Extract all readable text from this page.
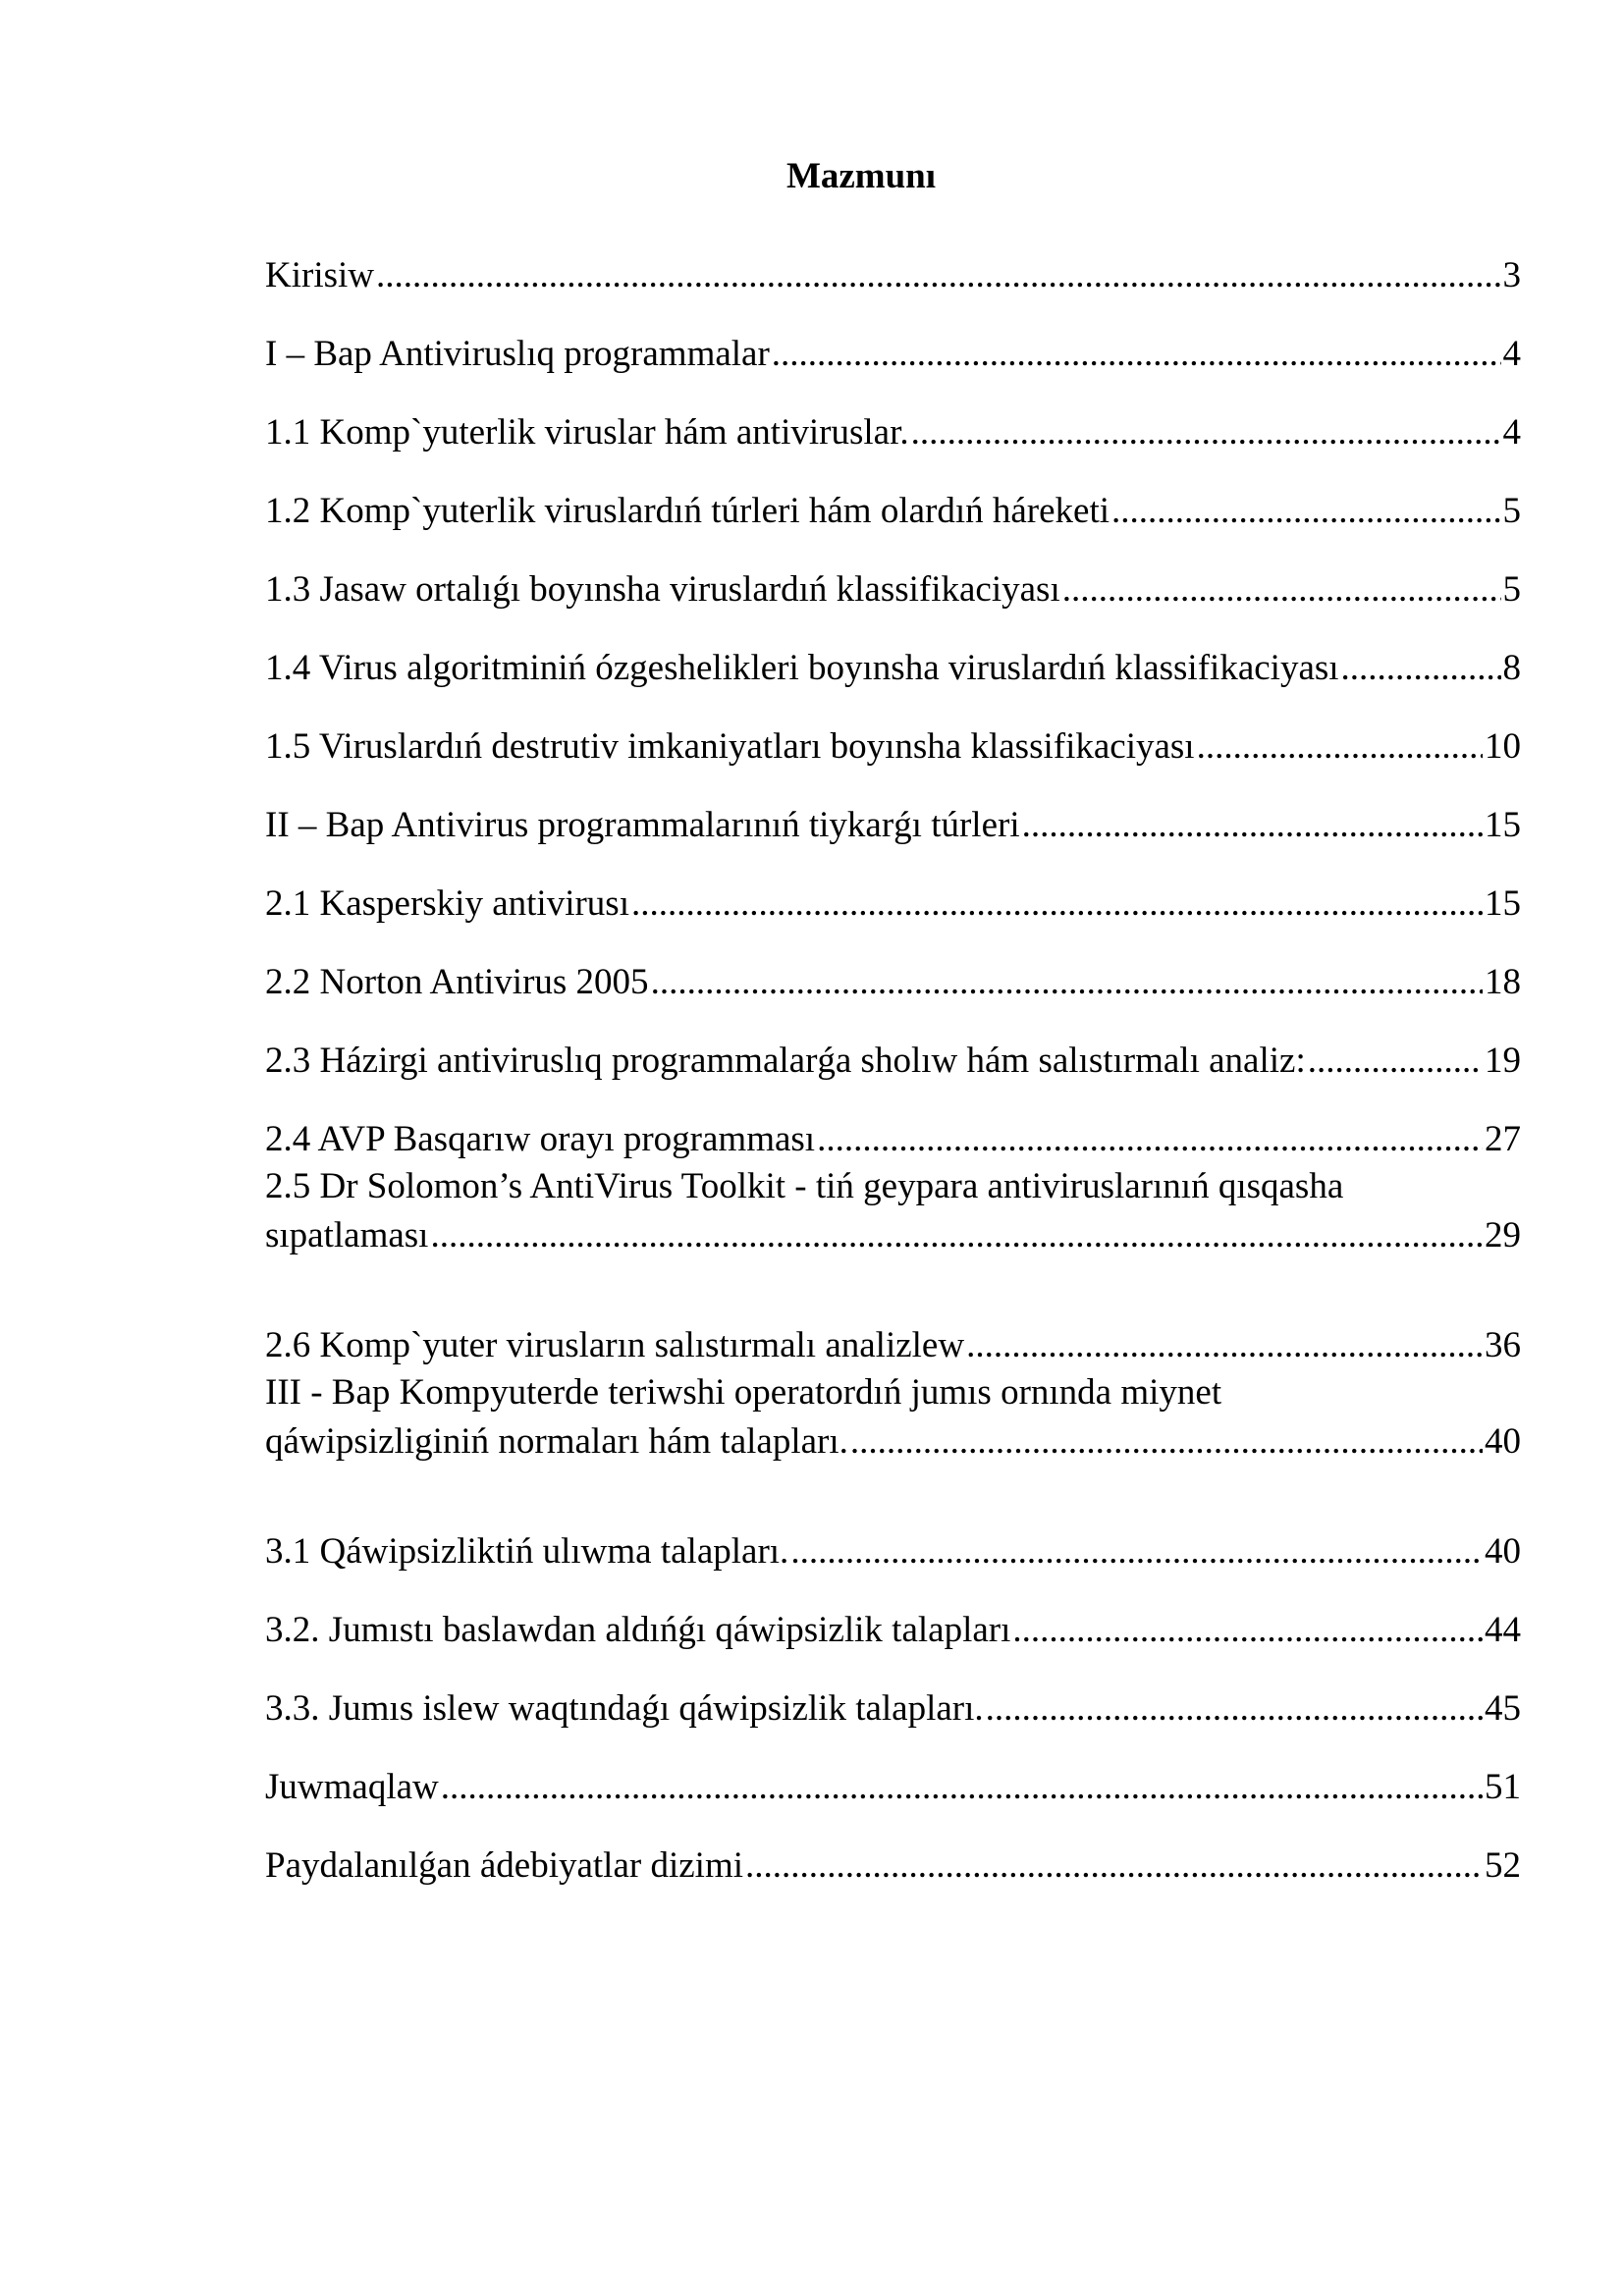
Mazmunı
Kirisiw .....	3
I – Bap Antiviruslıq programmalar .....	4
1.1 Komp`yuterlik viruslar hám antiviruslar. .....	4
1.2 Komp`yuterlik viruslardıń túrleri hám olardıń háreketi .....	5
1.3 Jasaw ortalıǵı boyınsha viruslardıń klassifikaciyası .....	5
1.4 Virus algoritminiń ózgeshelikleri boyınsha viruslardıń klassifikaciyası .....	8
1.5 Viruslardıń destrutiv imkaniyatları boyınsha klassifikaciyası .....	10
II – Bap Antivirus programmalarınıń tiykarǵı túrleri .....	15
2.1 Kasperskiy antivirusı .....	15
2.2 Norton Antivirus 2005 .....	18
2.3 Házirgi antiviruslıq programmalarǵa sholıw hám salıstırmalı analiz: .....	19
2.4 AVP Basqarıw orayı programması .....	27
2.5 Dr Solomon’s AntiVirus Toolkit - tiń geypara antiviruslarınıń qısqasha
sıpatlaması .....	29
2.6 Komp`yuter virusların salıstırmalı analizlew .....	36
III - Bap Kompyuterde teriwshi operatordıń jumıs ornında miynet
qáwipsizliginiń normaları hám talapları. .....	40
3.1 Qáwipsizliktiń ulıwma talapları. .....	40
3.2. Jumıstı baslawdan aldıńǵı qáwipsizlik talapları .....	44
3.3. Jumıs islew waqtındaǵı qáwipsizlik talapları. .....	45
Juwmaqlaw .....	51
Paydalanılǵan ádebiyatlar dizimi .....	52
